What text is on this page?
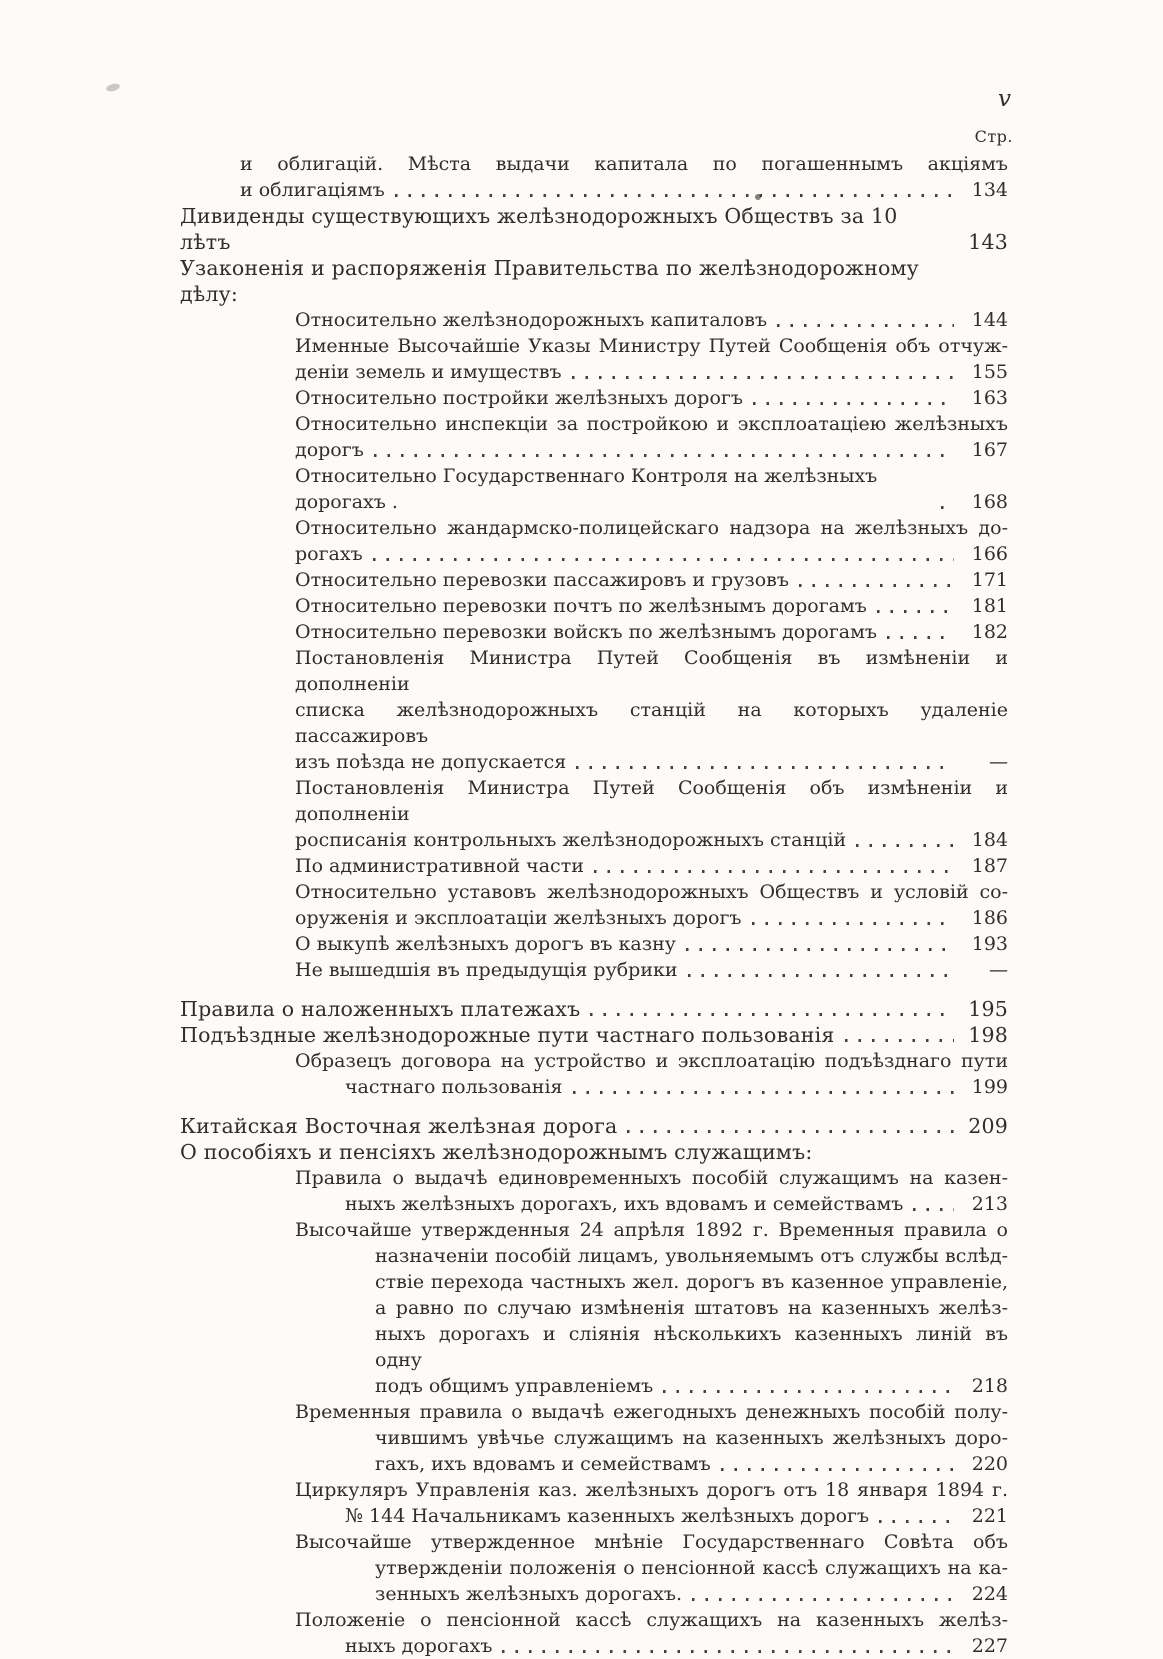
v
Стр.
и облигацій. Мѣста выдачи капитала по погашеннымъ акціямъ
и облигаціямъ	134
Дивиденды существующихъ желѣзнодорожныхъ Обществъ за 10 лѣтъ	143
Узаконенія и распоряженія Правительства по желѣзнодорожному дѣлу:
Относительно желѣзнодорожныхъ капиталовъ	144
Именные Высочайшіе Указы Министру Путей Сообщенія объ отчуж-
деніи земель и имуществъ	155
Относительно постройки желѣзныхъ дорогъ	163
Относительно инспекціи за постройкою и эксплоатаціею желѣзныхъ
дорогъ	167
Относительно Государственнаго Контроля на желѣзныхъ дорогахъ .	168
Относительно жандармско-полицейскаго надзора на желѣзныхъ до-
рогахъ	166
Относительно перевозки пассажировъ и грузовъ	171
Относительно перевозки почтъ по желѣзнымъ дорогамъ	181
Относительно перевозки войскъ по желѣзнымъ дорогамъ	182
Постановленія Министра Путей Сообщенія въ измѣненіи и дополненіи
списка желѣзнодорожныхъ станцій на которыхъ удаленіе пассажировъ
изъ поѣзда не допускается	—
Постановленія Министра Путей Сообщенія объ измѣненіи и дополненіи
росписанія контрольныхъ желѣзнодорожныхъ станцій	184
По административной части	187
Относительно уставовъ желѣзнодорожныхъ Обществъ и условій со-
оруженія и эксплоатаціи желѣзныхъ дорогъ	186
О выкупѣ желѣзныхъ дорогъ въ казну	193
Не вышедшія въ предыдущія рубрики	—
Правила о наложенныхъ платежахъ	195
Подъѣздные желѣзнодорожные пути частнаго пользованія	198
Образецъ договора на устройство и эксплоатацію подъѣзднаго пути
частнаго пользованія	199
Китайская Восточная желѣзная дорога	209
О пособіяхъ и пенсіяхъ желѣзнодорожнымъ служащимъ:
Правила о выдачѣ единовременныхъ пособій служащимъ на казен-
ныхъ желѣзныхъ дорогахъ, ихъ вдовамъ и семействамъ	213
Высочайше утвержденныя 24 апрѣля 1892 г. Временныя правила о
назначеніи пособій лицамъ, увольняемымъ отъ службы вслѣд-
ствіе перехода частныхъ жел. дорогъ въ казенное управленіе,
а равно по случаю измѣненія штатовъ на казенныхъ желѣз-
ныхъ дорогахъ и сліянія нѣсколькихъ казенныхъ линій въ одну
подъ общимъ управленіемъ	218
Временныя правила о выдачѣ ежегодныхъ денежныхъ пособій полу-
чившимъ увѣчье служащимъ на казенныхъ желѣзныхъ доро-
гахъ, ихъ вдовамъ и семействамъ	220
Циркуляръ Управленія каз. желѣзныхъ дорогъ отъ 18 января 1894 г.
№ 144 Начальникамъ казенныхъ желѣзныхъ дорогъ	221
Высочайше утвержденное мнѣніе Государственнаго Совѣта объ
утвержденіи положенія о пенсіонной кассѣ служащихъ на ка-
зенныхъ желѣзныхъ дорогахъ.	224
Положеніе о пенсіонной кассѣ служащихъ на казенныхъ желѣз-
ныхъ дорогахъ	227
